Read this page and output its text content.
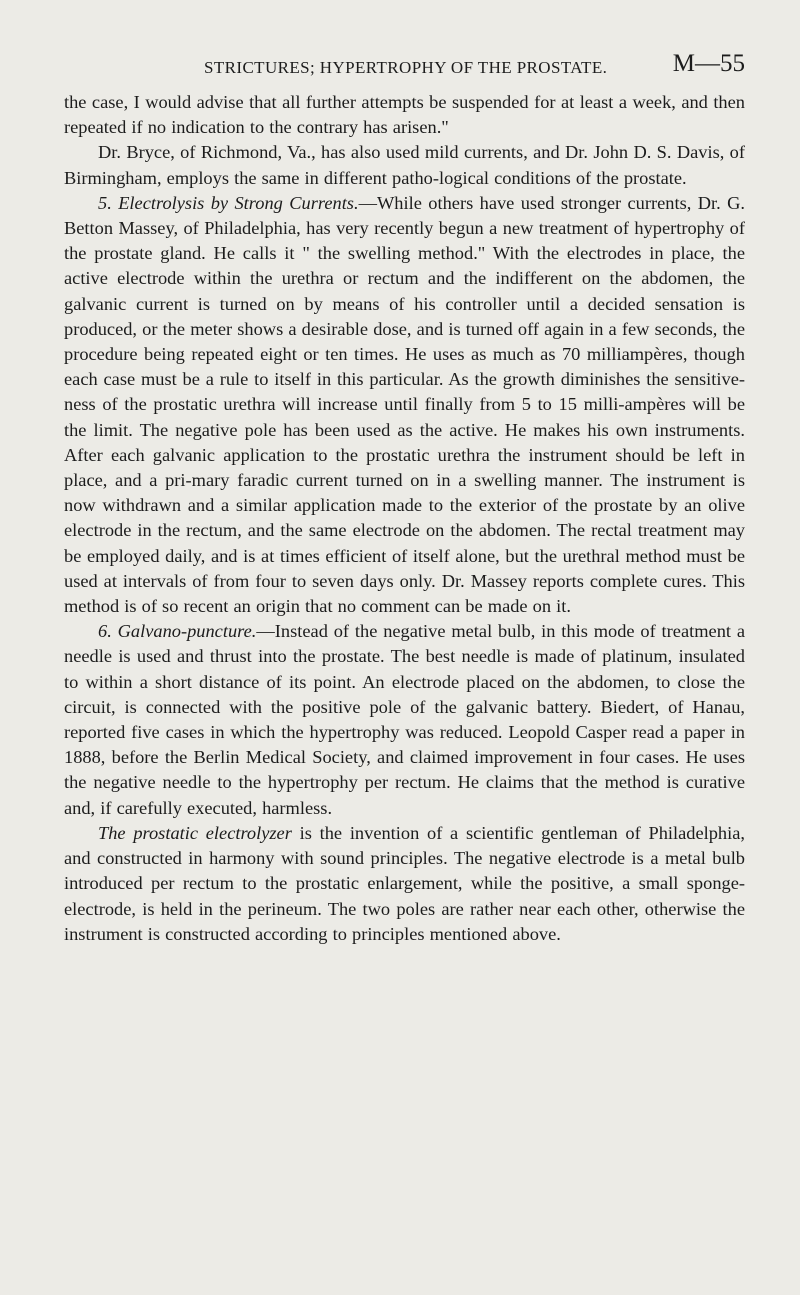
STRICTURES; HYPERTROPHY OF THE PROSTATE.	M—55

the case, I would advise that all further attempts be suspended for at least a week, and then repeated if no indication to the contrary has arisen."

Dr. Bryce, of Richmond, Va., has also used mild currents, and Dr. John D. S. Davis, of Birmingham, employs the same in different patho-logical conditions of the prostate.

5. Electrolysis by Strong Currents.—While others have used stronger currents, Dr. G. Betton Massey, of Philadelphia, has very recently begun a new treatment of hypertrophy of the prostate gland. He calls it " the swelling method." With the electrodes in place, the active electrode within the urethra or rectum and the indifferent on the abdomen, the galvanic current is turned on by means of his controller until a decided sensation is produced, or the meter shows a desirable dose, and is turned off again in a few seconds, the procedure being repeated eight or ten times. He uses as much as 70 milliampères, though each case must be a rule to itself in this particular. As the growth diminishes the sensitive-ness of the prostatic urethra will increase until finally from 5 to 15 milli-ampères will be the limit. The negative pole has been used as the active. He makes his own instruments. After each galvanic application to the prostatic urethra the instrument should be left in place, and a pri-mary faradic current turned on in a swelling manner. The instrument is now withdrawn and a similar application made to the exterior of the prostate by an olive electrode in the rectum, and the same electrode on the abdomen. The rectal treatment may be employed daily, and is at times efficient of itself alone, but the urethral method must be used at intervals of from four to seven days only. Dr. Massey reports complete cures. This method is of so recent an origin that no comment can be made on it.

6. Galvano-puncture.—Instead of the negative metal bulb, in this mode of treatment a needle is used and thrust into the prostate. The best needle is made of platinum, insulated to within a short distance of its point. An electrode placed on the abdomen, to close the circuit, is connected with the positive pole of the galvanic battery. Biedert, of Hanau, reported five cases in which the hypertrophy was reduced. Leopold Casper read a paper in 1888, before the Berlin Medical Society, and claimed improvement in four cases. He uses the negative needle to the hypertrophy per rectum. He claims that the method is curative and, if carefully executed, harmless.

The prostatic electrolyzer is the invention of a scientific gentleman of Philadelphia, and constructed in harmony with sound principles. The negative electrode is a metal bulb introduced per rectum to the prostatic enlargement, while the positive, a small sponge-electrode, is held in the perineum. The two poles are rather near each other, otherwise the instrument is constructed according to principles mentioned above.
